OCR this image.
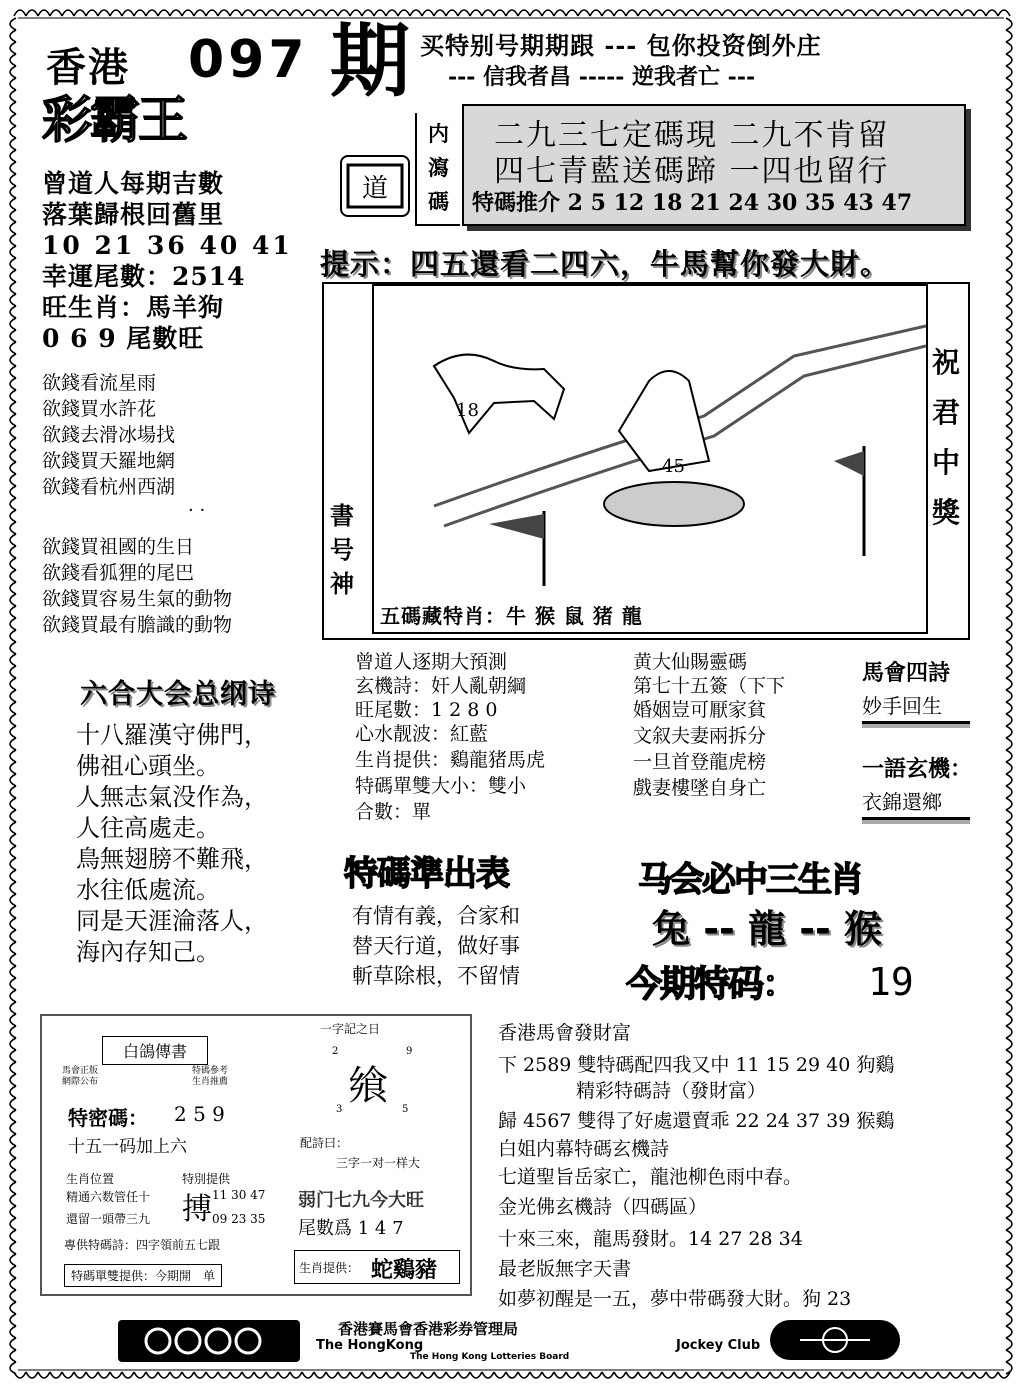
香港 097 期
彩霸王
买特别号期期跟 --- 包你投资倒外庄
--- 信我者昌 ----- 逆我者亡 ---
内
瀉
碼
道
二九三七定碼現 二九不肯留
四七青藍送碼蹄 一四也留行
特碼推介 2 5 12 18 21 24 30 35 43 47
曾道人每期吉數
落葉歸根回舊里
10 21 36 40 41
幸運尾數：2514
旺生肖：馬羊狗
0 6 9 尾數旺
欲錢看流星雨
欲錢買水許花
欲錢去滑冰場找
欲錢買天羅地網
欲錢看杭州西湖
· ·
欲錢買祖國的生日
欲錢看狐狸的尾巴
欲錢買容易生氣的動物
欲錢買最有膽識的動物
提示：四五還看二四六，牛馬幫你發大財。
書
号
神
祝
君
中
獎
18
45
五碼藏特肖：牛 猴 鼠 猪 龍
六合大会总纲诗
十八羅漢守佛門，
佛祖心頭坐。
人無志氣没作為，
人往高處走。
鳥無翅膀不難飛，
水往低處流。
同是天涯淪落人，
海內存知己。
曾道人逐期大預測
玄機詩：奸人亂朝綱
旺尾數：1 2 8 0
心水靓波：紅藍
生肖提供：鷄龍猪馬虎
特碼單雙大小：雙小
合數：單
黄大仙賜靈碼
第七十五簽（下下
婚姻豈可厭家貧
文叙夫妻兩拆分
一旦首登龍虎榜
戲妻樓墜自身亡
馬會四詩
妙手回生
一語玄機：
衣錦還鄉
特碼準出表
有情有義，合家和
替天行道，做好事
斬草除根，不留情
马会必中三生肖
兔 -- 龍 -- 猴
今期特码： 19
白鴿傳書
馬會正版
網際公布
特碼參考
生肖推薦
特密碼： 2 5 9
十五一码加上六
生肖位置
精通六数管任十
還留一頭帶三九
特別提供
搏 11 30 47
09 23 35
專供特碼詩：四字領前五七跟
特碼單雙提供：今期開　单
一字記之日
2	9
飨
3	5
配詩曰：
三字一对一样大
弱门七九今大旺
尾數爲 1 4 7
生肖提供： 蛇鷄豬
香港馬會發財富
下 2589 雙特碼配四我又中 11 15 29 40 狗鷄
精彩特碼詩（發財富）
歸 4567 雙得了好處還賣乖 22 24 37 39 猴鷄
白姐内幕特碼玄機詩
七道聖旨岳家亡，龍池柳色雨中春。
金光佛玄機詩（四碼區）
十來三來，龍馬發財。14 27 28 34
最老版無字天書
如夢初醒是一五，夢中带碼發大財。狗 23
香港賽馬會香港彩券管理局
The HongKong	Jockey Club
The Hong Kong Lotteries Board
